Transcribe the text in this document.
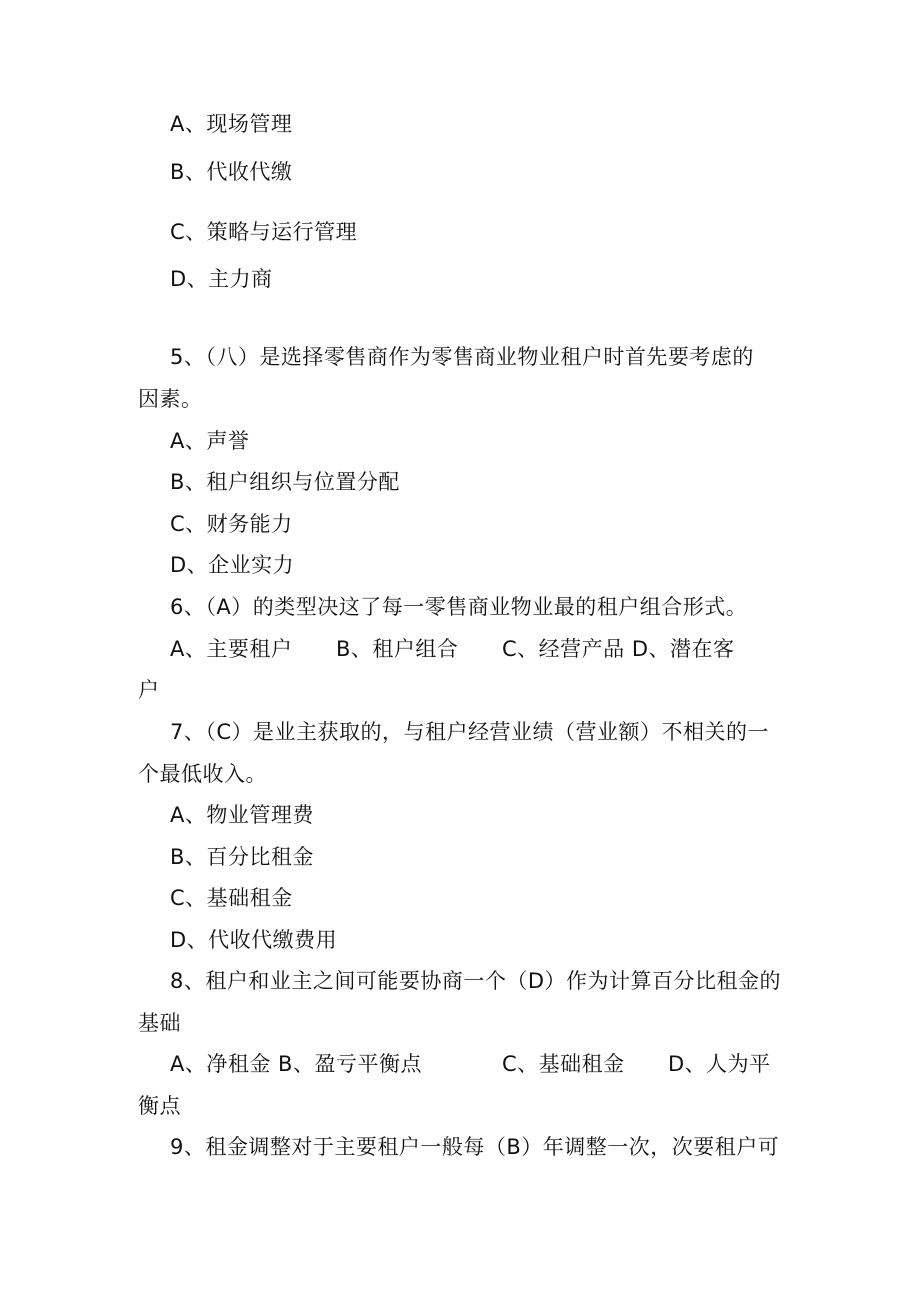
A、现场管理
B、代收代缴
C、策略与运行管理
D、主力商
5、（八）是选择零售商作为零售商业物业租户时首先要考虑的
因素。
A、声誉
B、租户组织与位置分配
C、财务能力
D、企业实力
6、（A）的类型决这了每一零售商业物业最的租户组合形式。
A、主要租户 B、租户组合 C、经营产品 D、潜在客
户
7、（C）是业主获取的，与租户经营业绩（营业额）不相关的一
个最低收入。
A、物业管理费
B、百分比租金
C、基础租金
D、代收代缴费用
8、租户和业主之间可能要协商一个（D）作为计算百分比租金的
基础
A、净租金 B、盈亏平衡点	C、基础租金 D、人为平
衡点
9、租金调整对于主要租户一般每（B）年调整一次，次要租户可
